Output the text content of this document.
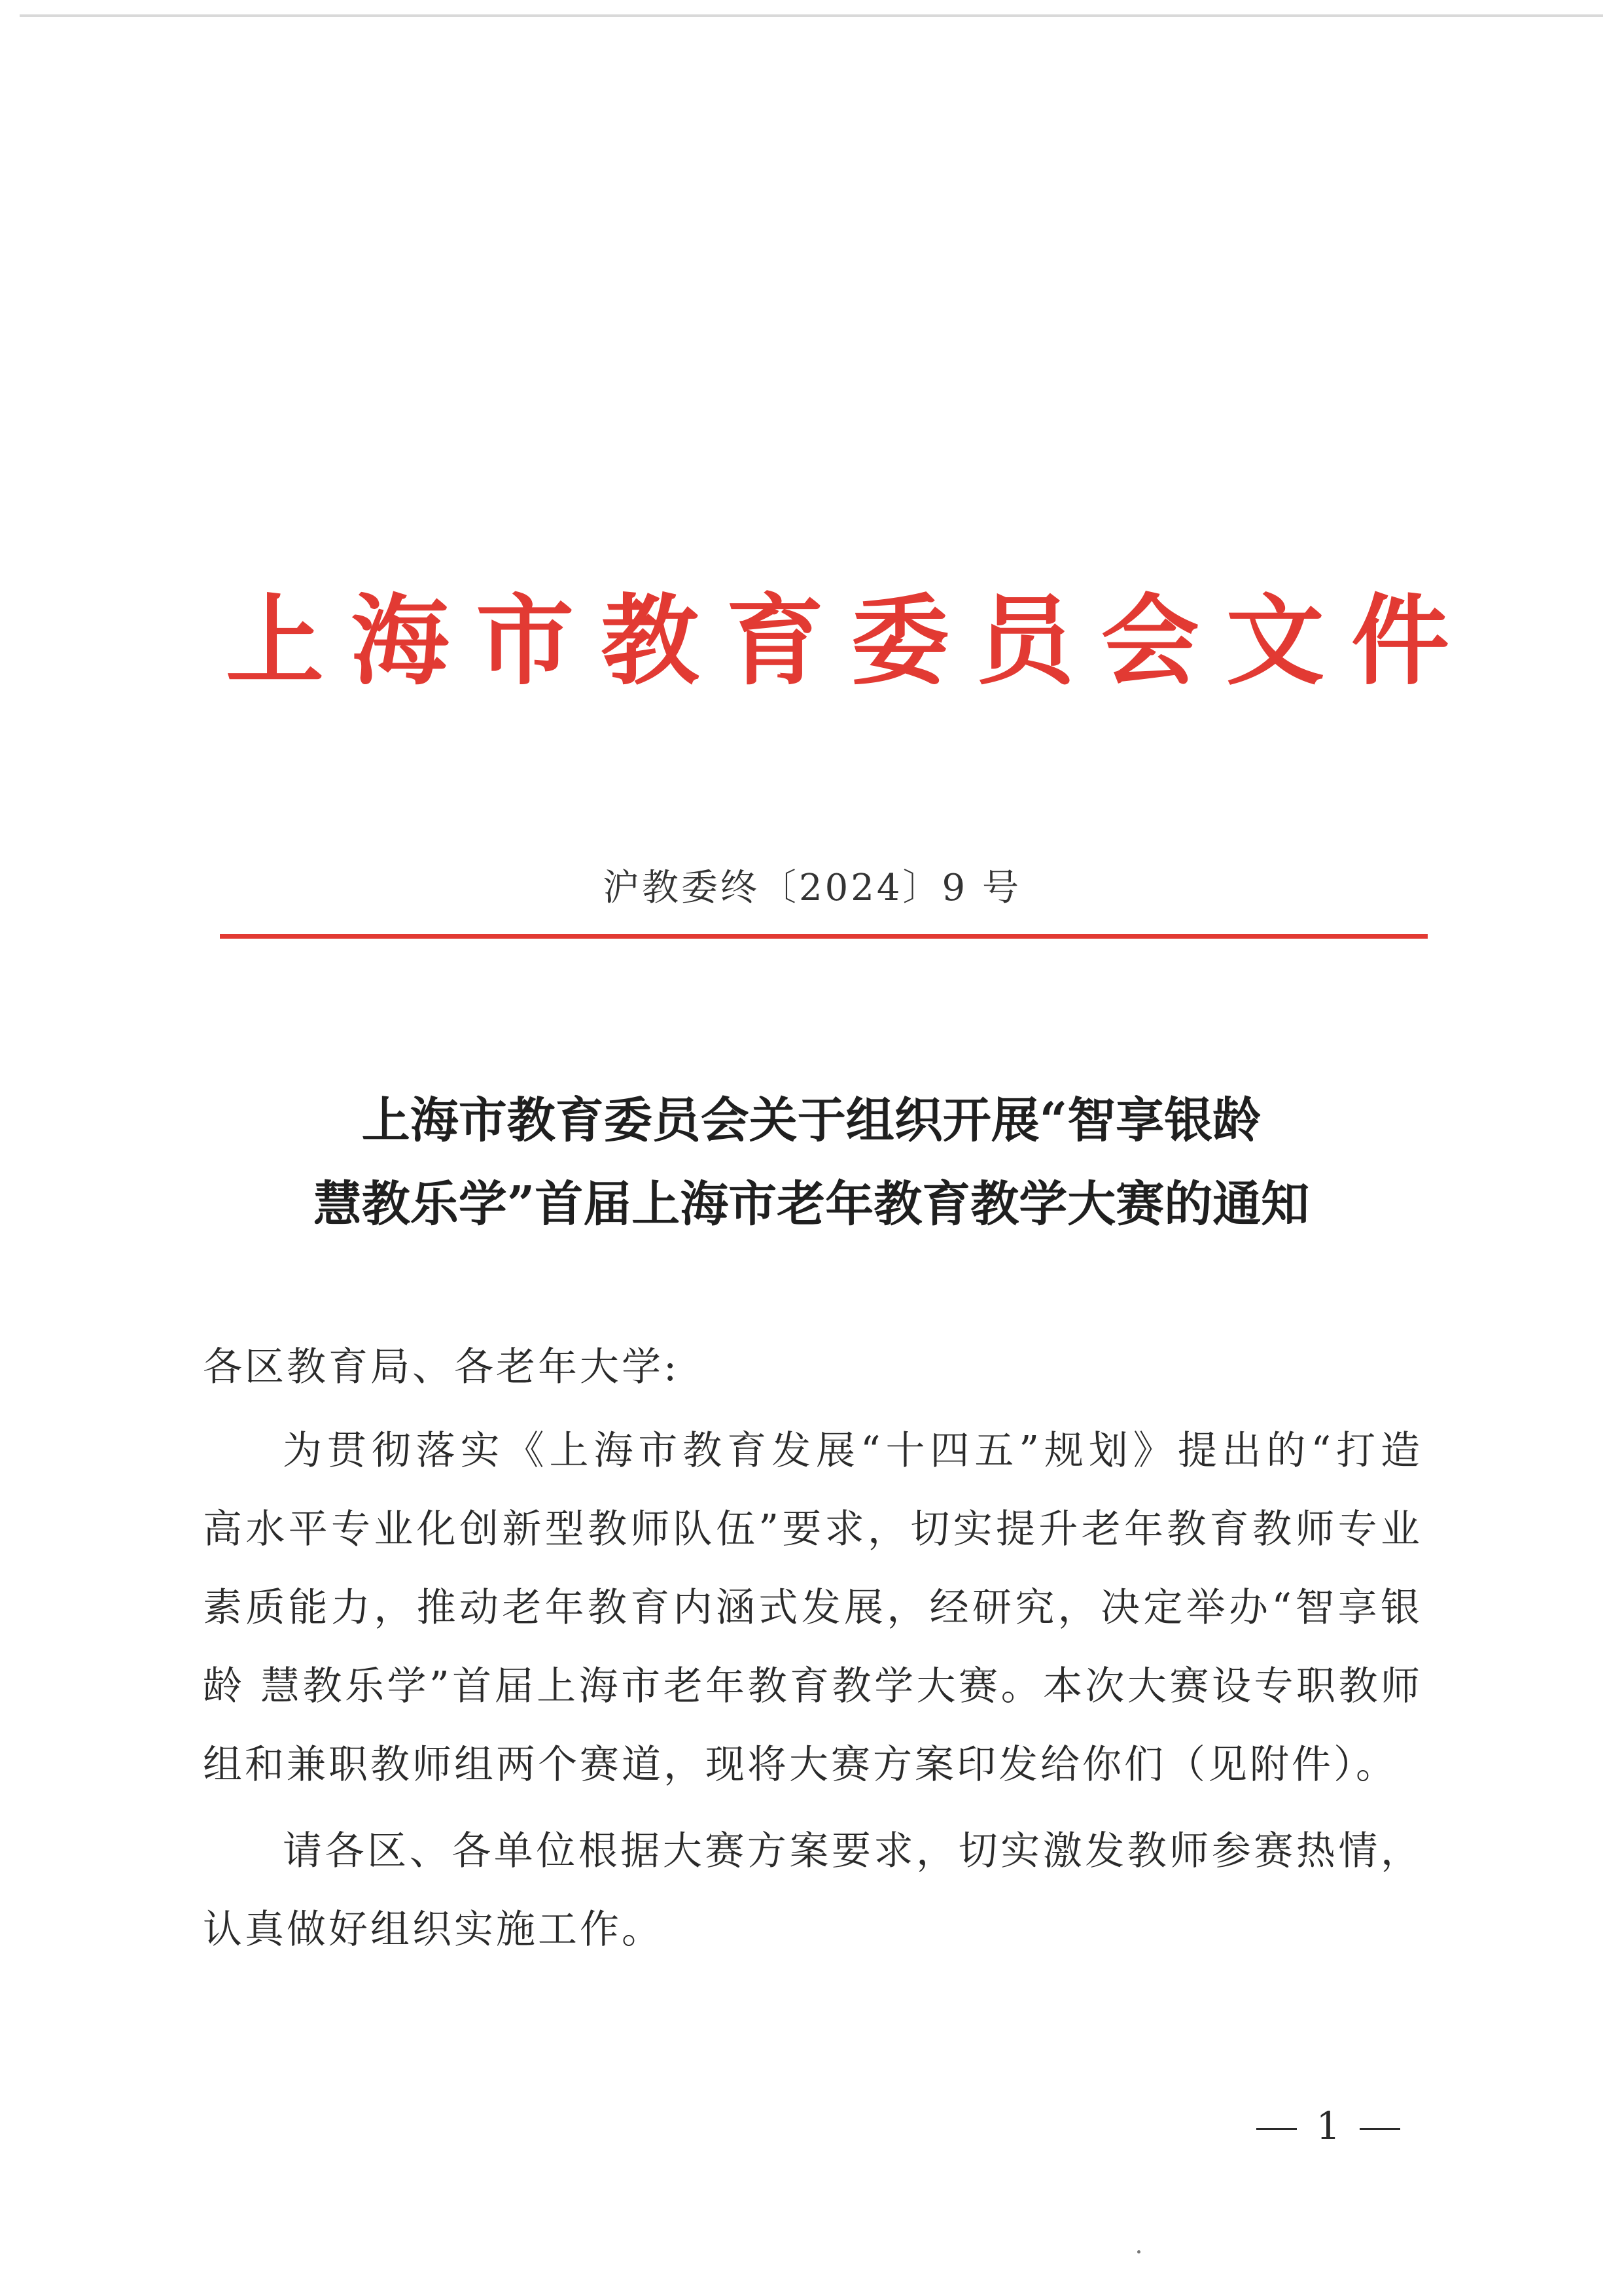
上 海 市 教 育 委 员 会 文 件
沪教委终〔2024〕9 号
上海市教育委员会关于组织开展“智享银龄
慧教乐学”首届上海市老年教育教学大赛的通知
各区教育局、各老年大学:
为贯彻落实《上海市教育发展“十四五”规划》提出的“打造
高水平专业化创新型教师队伍”要求，切实提升老年教育教师专业
素质能力，推动老年教育内涵式发展，经研究，决定举办“智享银
龄 慧教乐学”首届上海市老年教育教学大赛。本次大赛设专职教师
组和兼职教师组两个赛道，现将大赛方案印发给你们（见附件）。
请各区、各单位根据大赛方案要求，切实激发教师参赛热情，
认真做好组织实施工作。
1
